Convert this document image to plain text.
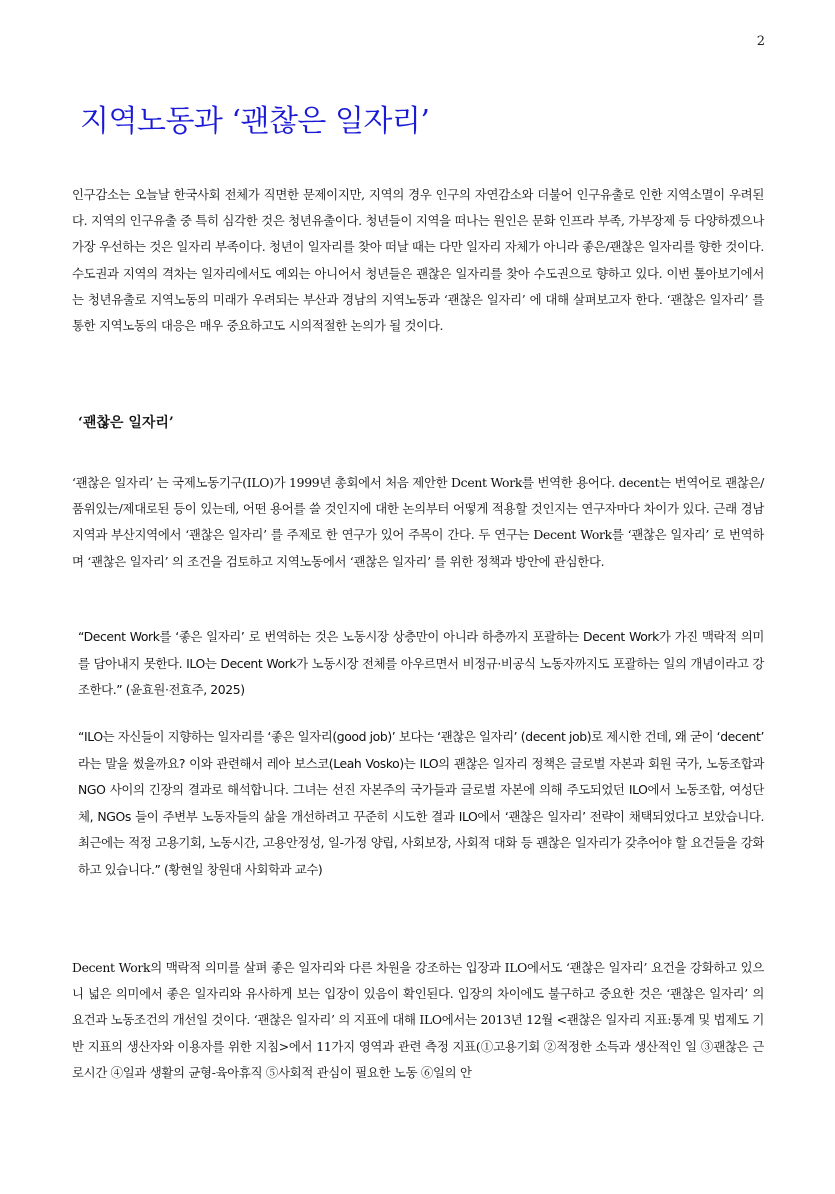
2
지역노동과 ‘괜찮은 일자리’

인구감소는 오늘날 한국사회 전체가 직면한 문제이지만, 지역의 경우 인구의 자연감소와 더불어 인구유출로 인한 지역소멸이 우려된다. 지역의 인구유출 중 특히 심각한 것은 청년유출이다. 청년들이 지역을 떠나는 원인은 문화 인프라 부족, 가부장제 등 다양하겠으나 가장 우선하는 것은 일자리 부족이다. 청년이 일자리를 찾아 떠날 때는 다만 일자리 자체가 아니라 좋은/괜찮은 일자리를 향한 것이다. 수도권과 지역의 격차는 일자리에서도 예외는 아니어서 청년들은 괜찮은 일자리를 찾아 수도권으로 향하고 있다. 이번 톺아보기에서는 청년유출로 지역노동의 미래가 우려되는 부산과 경남의 지역노동과 ‘괜찮은 일자리’ 에 대해 살펴보고자 한다. ‘괜찮은 일자리’ 를 통한 지역노동의 대응은 매우 중요하고도 시의적절한 논의가 될 것이다.

‘괜찮은 일자리’

‘괜찮은 일자리’ 는 국제노동기구(ILO)가 1999년 총회에서 처음 제안한 Dcent Work를 번역한 용어다. decent는 번역어로 괜찮은/품위있는/제대로된 등이 있는데, 어떤 용어를 쓸 것인지에 대한 논의부터 어떻게 적용할 것인지는 연구자마다 차이가 있다. 근래 경남지역과 부산지역에서 ‘괜찮은 일자리’ 를 주제로 한 연구가 있어 주목이 간다. 두 연구는 Decent Work를 ‘괜찮은 일자리’ 로 번역하며 ‘괜찮은 일자리’ 의 조건을 검토하고 지역노동에서 ‘괜찮은 일자리’ 를 위한 정책과 방안에 관심한다.

“Decent Work를 ‘좋은 일자리’ 로 번역하는 것은 노동시장 상층만이 아니라 하층까지 포괄하는 Decent Work가 가진 맥락적 의미를 담아내지 못한다. ILO는 Decent Work가 노동시장 전체를 아우르면서 비정규·비공식 노동자까지도 포괄하는 일의 개념이라고 강조한다.” (윤효원·전효주, 2025)

“ILO는 자신들이 지향하는 일자리를 ‘좋은 일자리(good job)’ 보다는 ‘괜찮은 일자리’ (decent job)로 제시한 건데, 왜 굳이 ‘decent’ 라는 말을 썼을까요? 이와 관련해서 레아 보스코(Leah Vosko)는 ILO의 괜찮은 일자리 정책은 글로벌 자본과 회원 국가, 노동조합과 NGO 사이의 긴장의 결과로 해석합니다. 그녀는 선진 자본주의 국가들과 글로벌 자본에 의해 주도되었던 ILO에서 노동조합, 여성단체, NGOs 들이 주변부 노동자들의 삶을 개선하려고 꾸준히 시도한 결과 ILO에서 ‘괜찮은 일자리’ 전략이 채택되었다고 보았습니다. 최근에는 적정 고용기회, 노동시간, 고용안정성, 일-가정 양립, 사회보장, 사회적 대화 등 괜찮은 일자리가 갖추어야 할 요건들을 강화하고 있습니다.” (황현일 창원대 사회학과 교수)

Decent Work의 맥락적 의미를 살펴 좋은 일자리와 다른 차원을 강조하는 입장과 ILO에서도 ‘괜찮은 일자리’ 요건을 강화하고 있으니 넓은 의미에서 좋은 일자리와 유사하게 보는 입장이 있음이 확인된다. 입장의 차이에도 불구하고 중요한 것은 ‘괜찮은 일자리’ 의 요건과 노동조건의 개선일 것이다. ‘괜찮은 일자리’ 의 지표에 대해 ILO에서는 2013년 12월 <괜찮은 일자리 지표:통계 및 법제도 기반 지표의 생산자와 이용자를 위한 지침>에서 11가지 영역과 관련 측정 지표(①고용기회 ②적정한 소득과 생산적인 일 ③괜찮은 근로시간 ④일과 생활의 균형-육아휴직 ⑤사회적 관심이 필요한 노동 ⑥일의 안
